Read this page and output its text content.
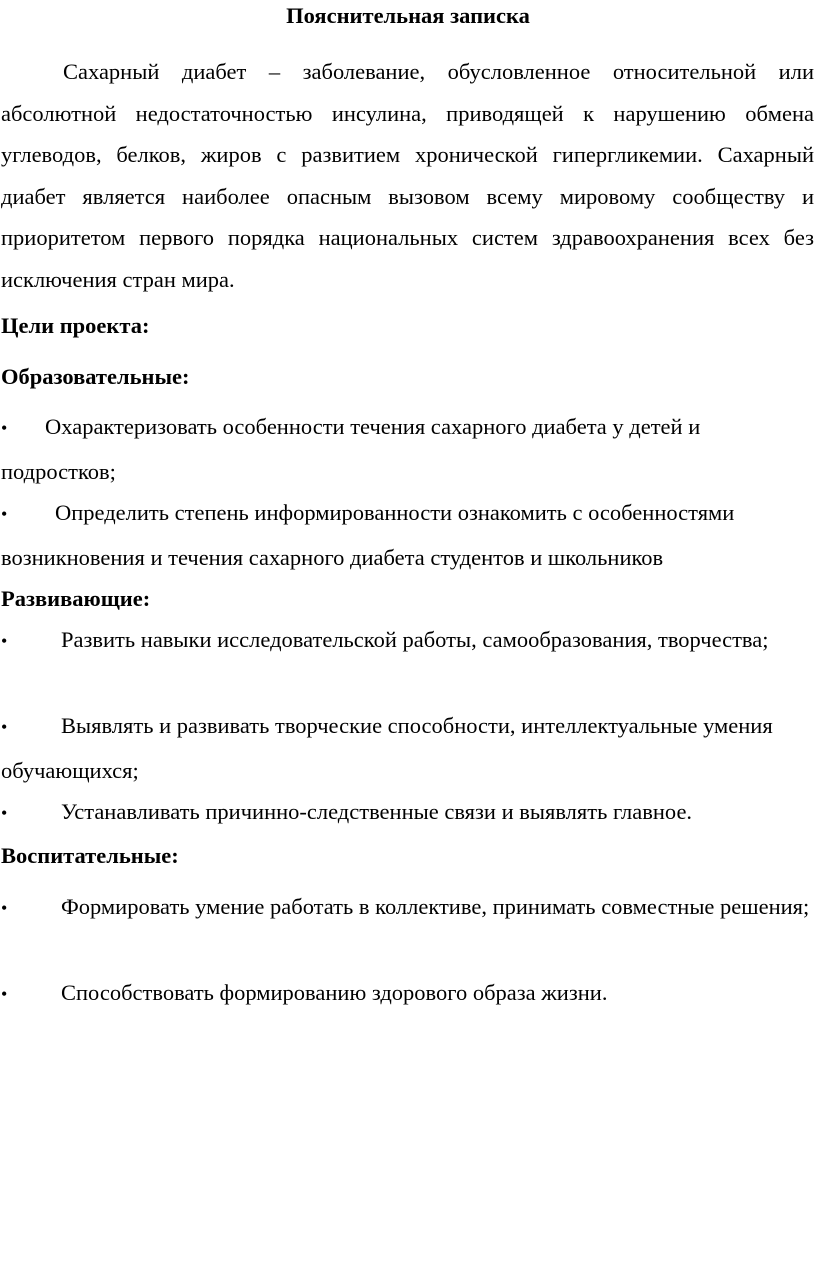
Пояснительная записка

Сахарный диабет – заболевание, обусловленное относительной или абсолютной недостаточностью инсулина, приводящей к нарушению обмена углеводов, белков, жиров с развитием хронической гипергликемии. Сахарный диабет является наиболее опасным вызовом всему мировому сообществу и приоритетом первого порядка национальных систем здравоохранения всех без исключения стран мира.

Цели проекта:

Образовательные:

• Охарактеризовать особенности течения сахарного диабета у детей и подростков;

• Определить степень информированности ознакомить с особенностями возникновения и течения сахарного диабета студентов и школьников

Развивающие:

• Развить навыки исследовательской работы, самообразования, творчества;

• Выявлять и развивать творческие способности, интеллектуальные умения обучающихся;

• Устанавливать причинно-следственные связи и выявлять главное.

Воспитательные:

• Формировать умение работать в коллективе, принимать совместные решения;

• Способствовать формированию здорового образа жизни.
